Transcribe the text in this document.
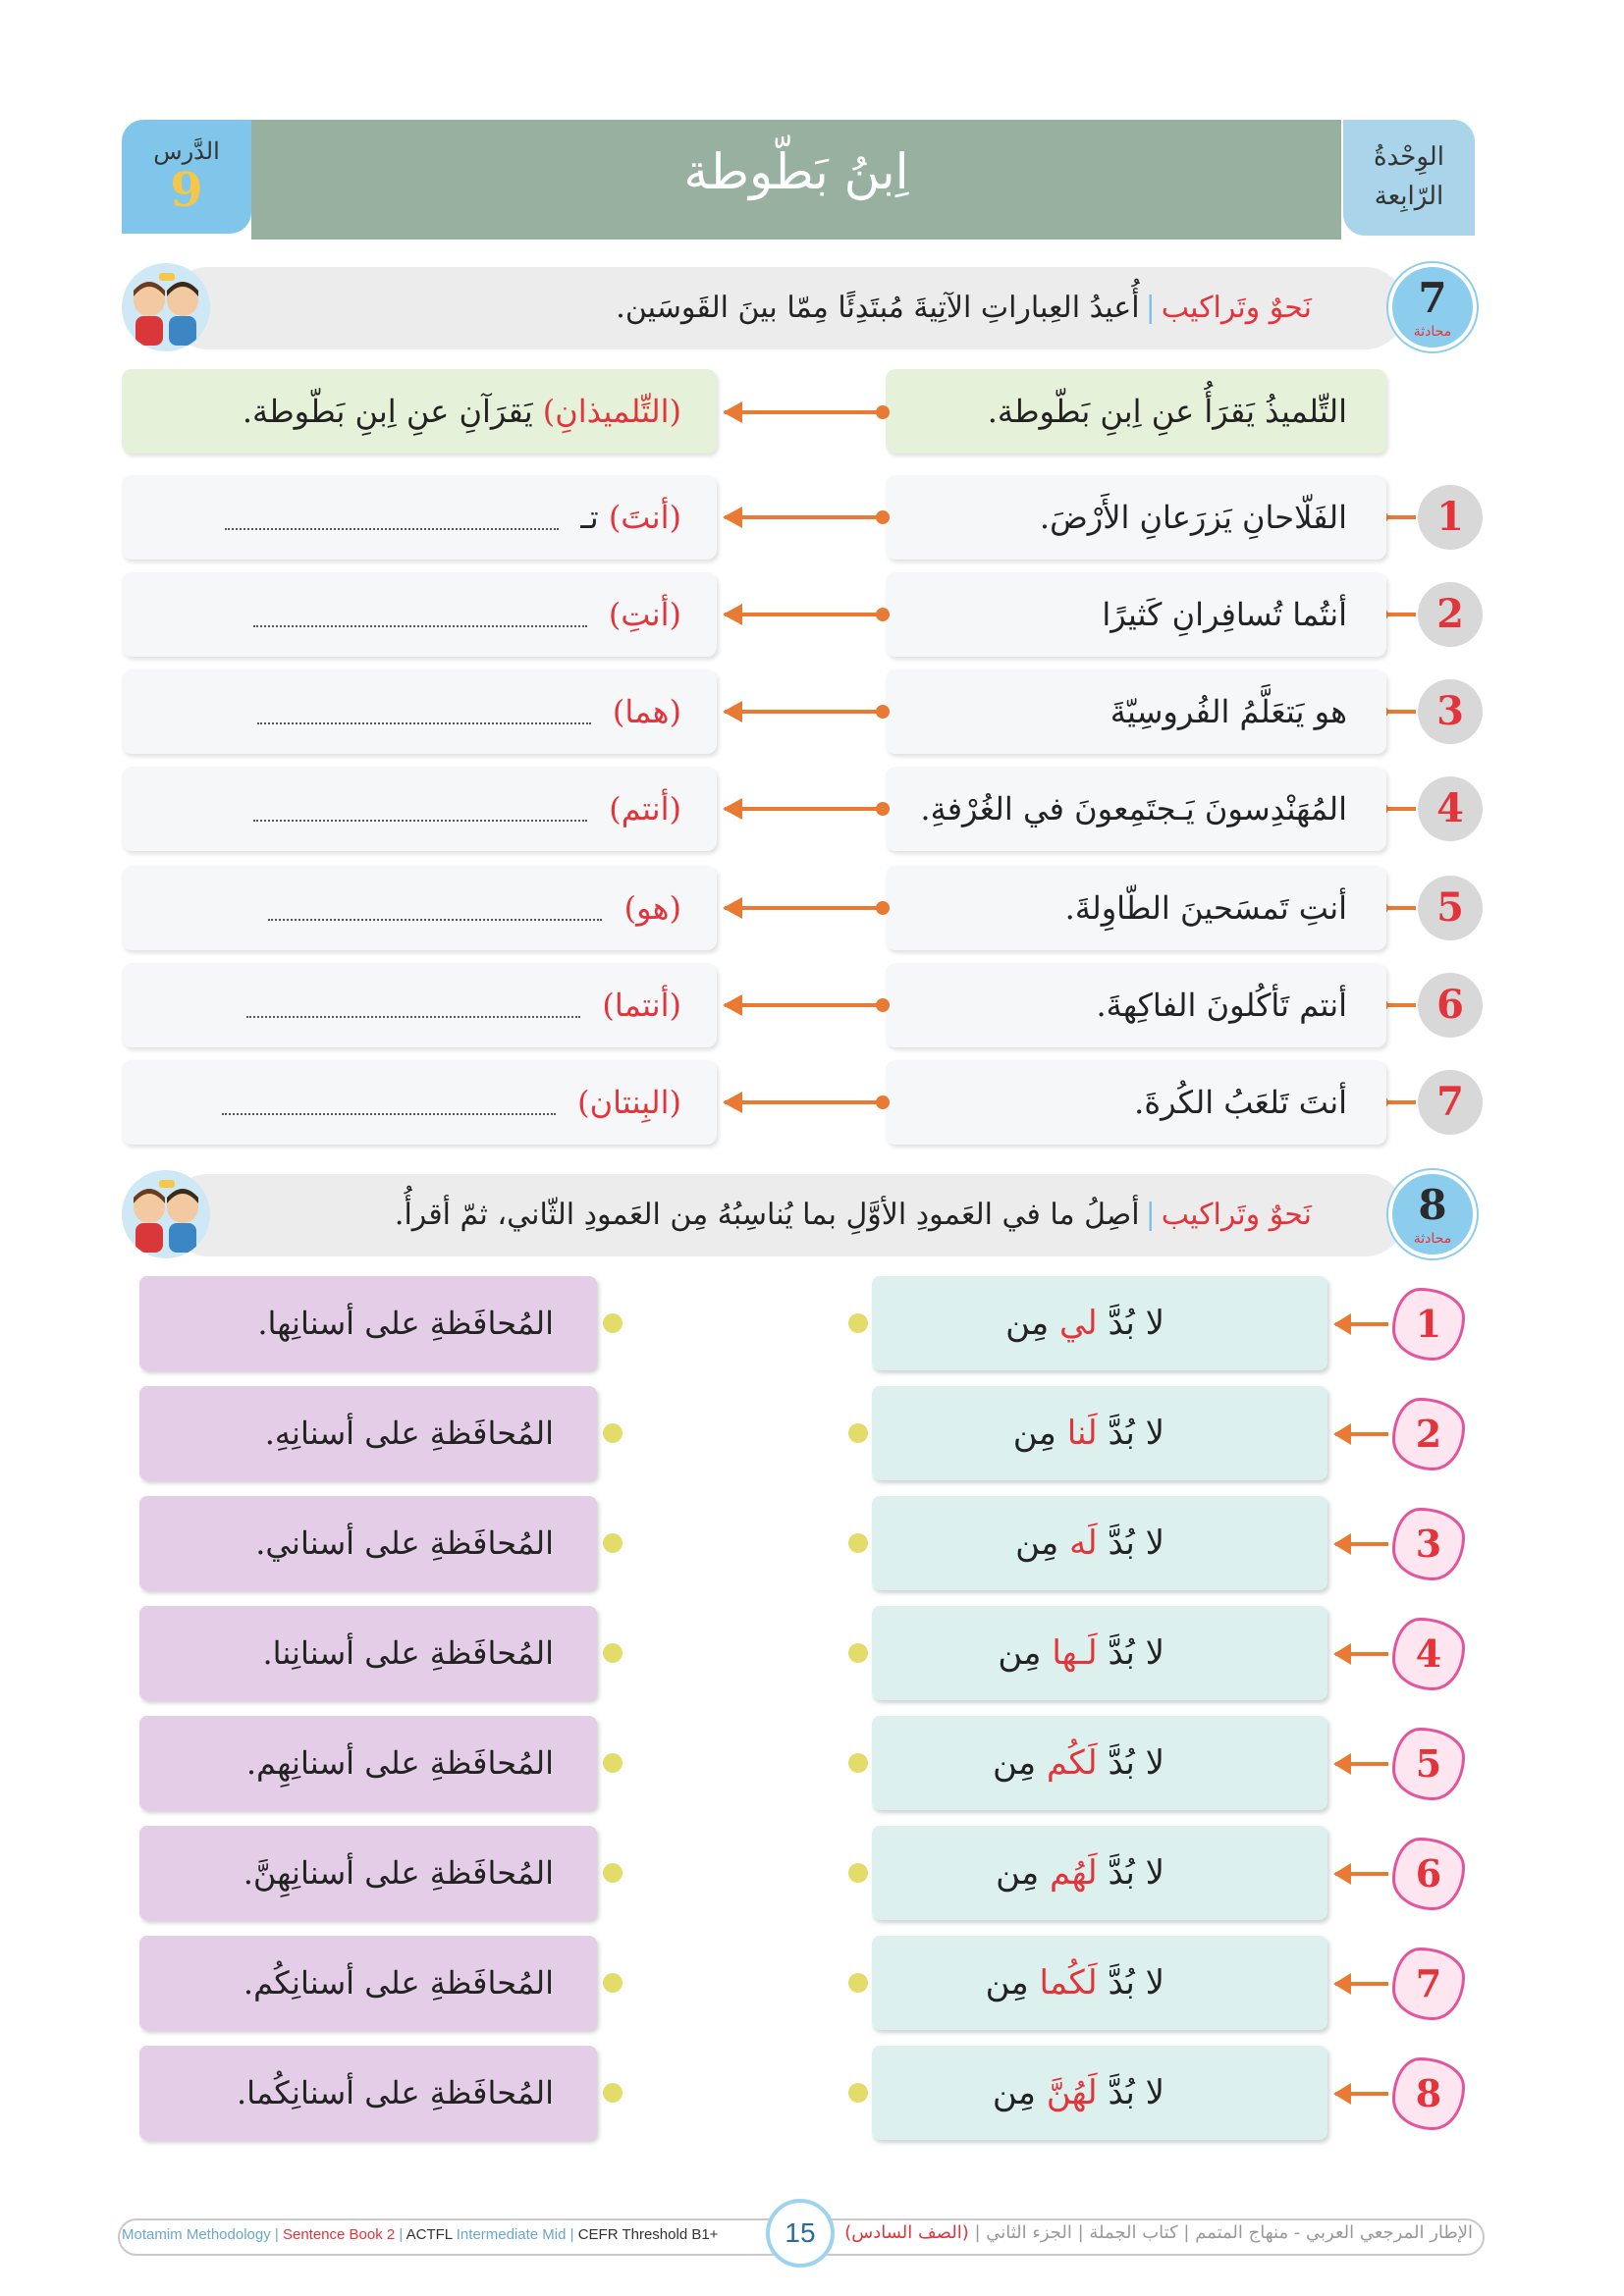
الوِحْدةُ
الرّابِعة
اِبنُ بَطّوطة
الدَّرس
9
نَحوٌ وتَراكيب|أُعيدُ العِباراتِ الآتِيةَ مُبتَدِئًا مِمّا بينَ القَوسَين.	7
محادثة
التِّلميذُ يَقرَأُ عنِ اِبنِ بَطّوطة.
(التِّلميذانِ) يَقرَآنِ عنِ اِبنِ بَطّوطة.
1
الفَلّاحانِ يَزرَعانِ الأَرْضَ.
(أنتَ) تـ
2
أنتُما تُسافِرانِ كَثيرًا
(أنتِ)
3
هو يَتعَلَّمُ الفُروسِيّةَ
(هما)
4
المُهَنْدِسونَ يَـجتَمِعونَ في الغُرْفةِ.
(أنتم)
5
أنتِ تَمسَحينَ الطّاوِلةَ.
(هو)
6
أنتم تَأكُلونَ الفاكِهةَ.
(أنتما)
7
أنتَ تَلعَبُ الكُرةَ.
(البِنتان)
نَحوٌ وتَراكيب|أصِلُ ما في العَمودِ الأوَّلِ بما يُناسِبُهُ مِن العَمودِ الثّاني، ثمّ أقرأُ.	8
محادثة
1
لا بُدَّ لي مِن
المُحافَظةِ على أسنانِها.
2
لا بُدَّ لَنا مِن
المُحافَظةِ على أسنانِهِ.
3
لا بُدَّ لَه مِن
المُحافَظةِ على أسناني.
4
لا بُدَّ لَـها مِن
المُحافَظةِ على أسنانِنا.
5
لا بُدَّ لَكُم مِن
المُحافَظةِ على أسنانِهِم.
6
لا بُدَّ لَهُم مِن
المُحافَظةِ على أسنانِهِنَّ.
7
لا بُدَّ لَكُما مِن
المُحافَظةِ على أسنانِكُم.
8
لا بُدَّ لَهُنَّ مِن
المُحافَظةِ على أسنانِكُما.
Motamim Methodology | Sentence Book 2 | ACTFL Intermediate Mid | CEFR Threshold B1+	15	الإطار المرجعي العربي - منهاج المتمم | كتاب الجملة | الجزء الثاني | (الصف السادس)
